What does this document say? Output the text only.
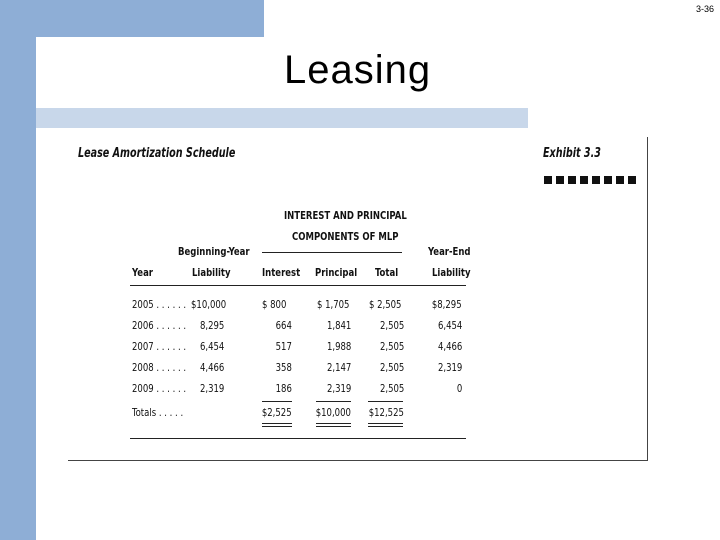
3-36
Leasing
Lease Amortization Schedule	Exhibit 3.3
INTEREST AND PRINCIPAL
COMPONENTS OF MLP
Beginning-Year	Year-End
Year	Liability	Interest Principal Total	Liability
2005 . . . . . . $10,000	$ 800	$ 1,705 $ 2,505	$8,295
2006 . . . . . . 8,295	664	1,841	2,505	6,454
2007 . . . . . . 6,454	517	1,988	2,505	4,466
2008 . . . . . . 4,466	358	2,147	2,505	2,319
2009 . . . . . . 2,319	186	2,319	2,505	0
Totals . . . . .	$2,525 $10,000 $12,525
